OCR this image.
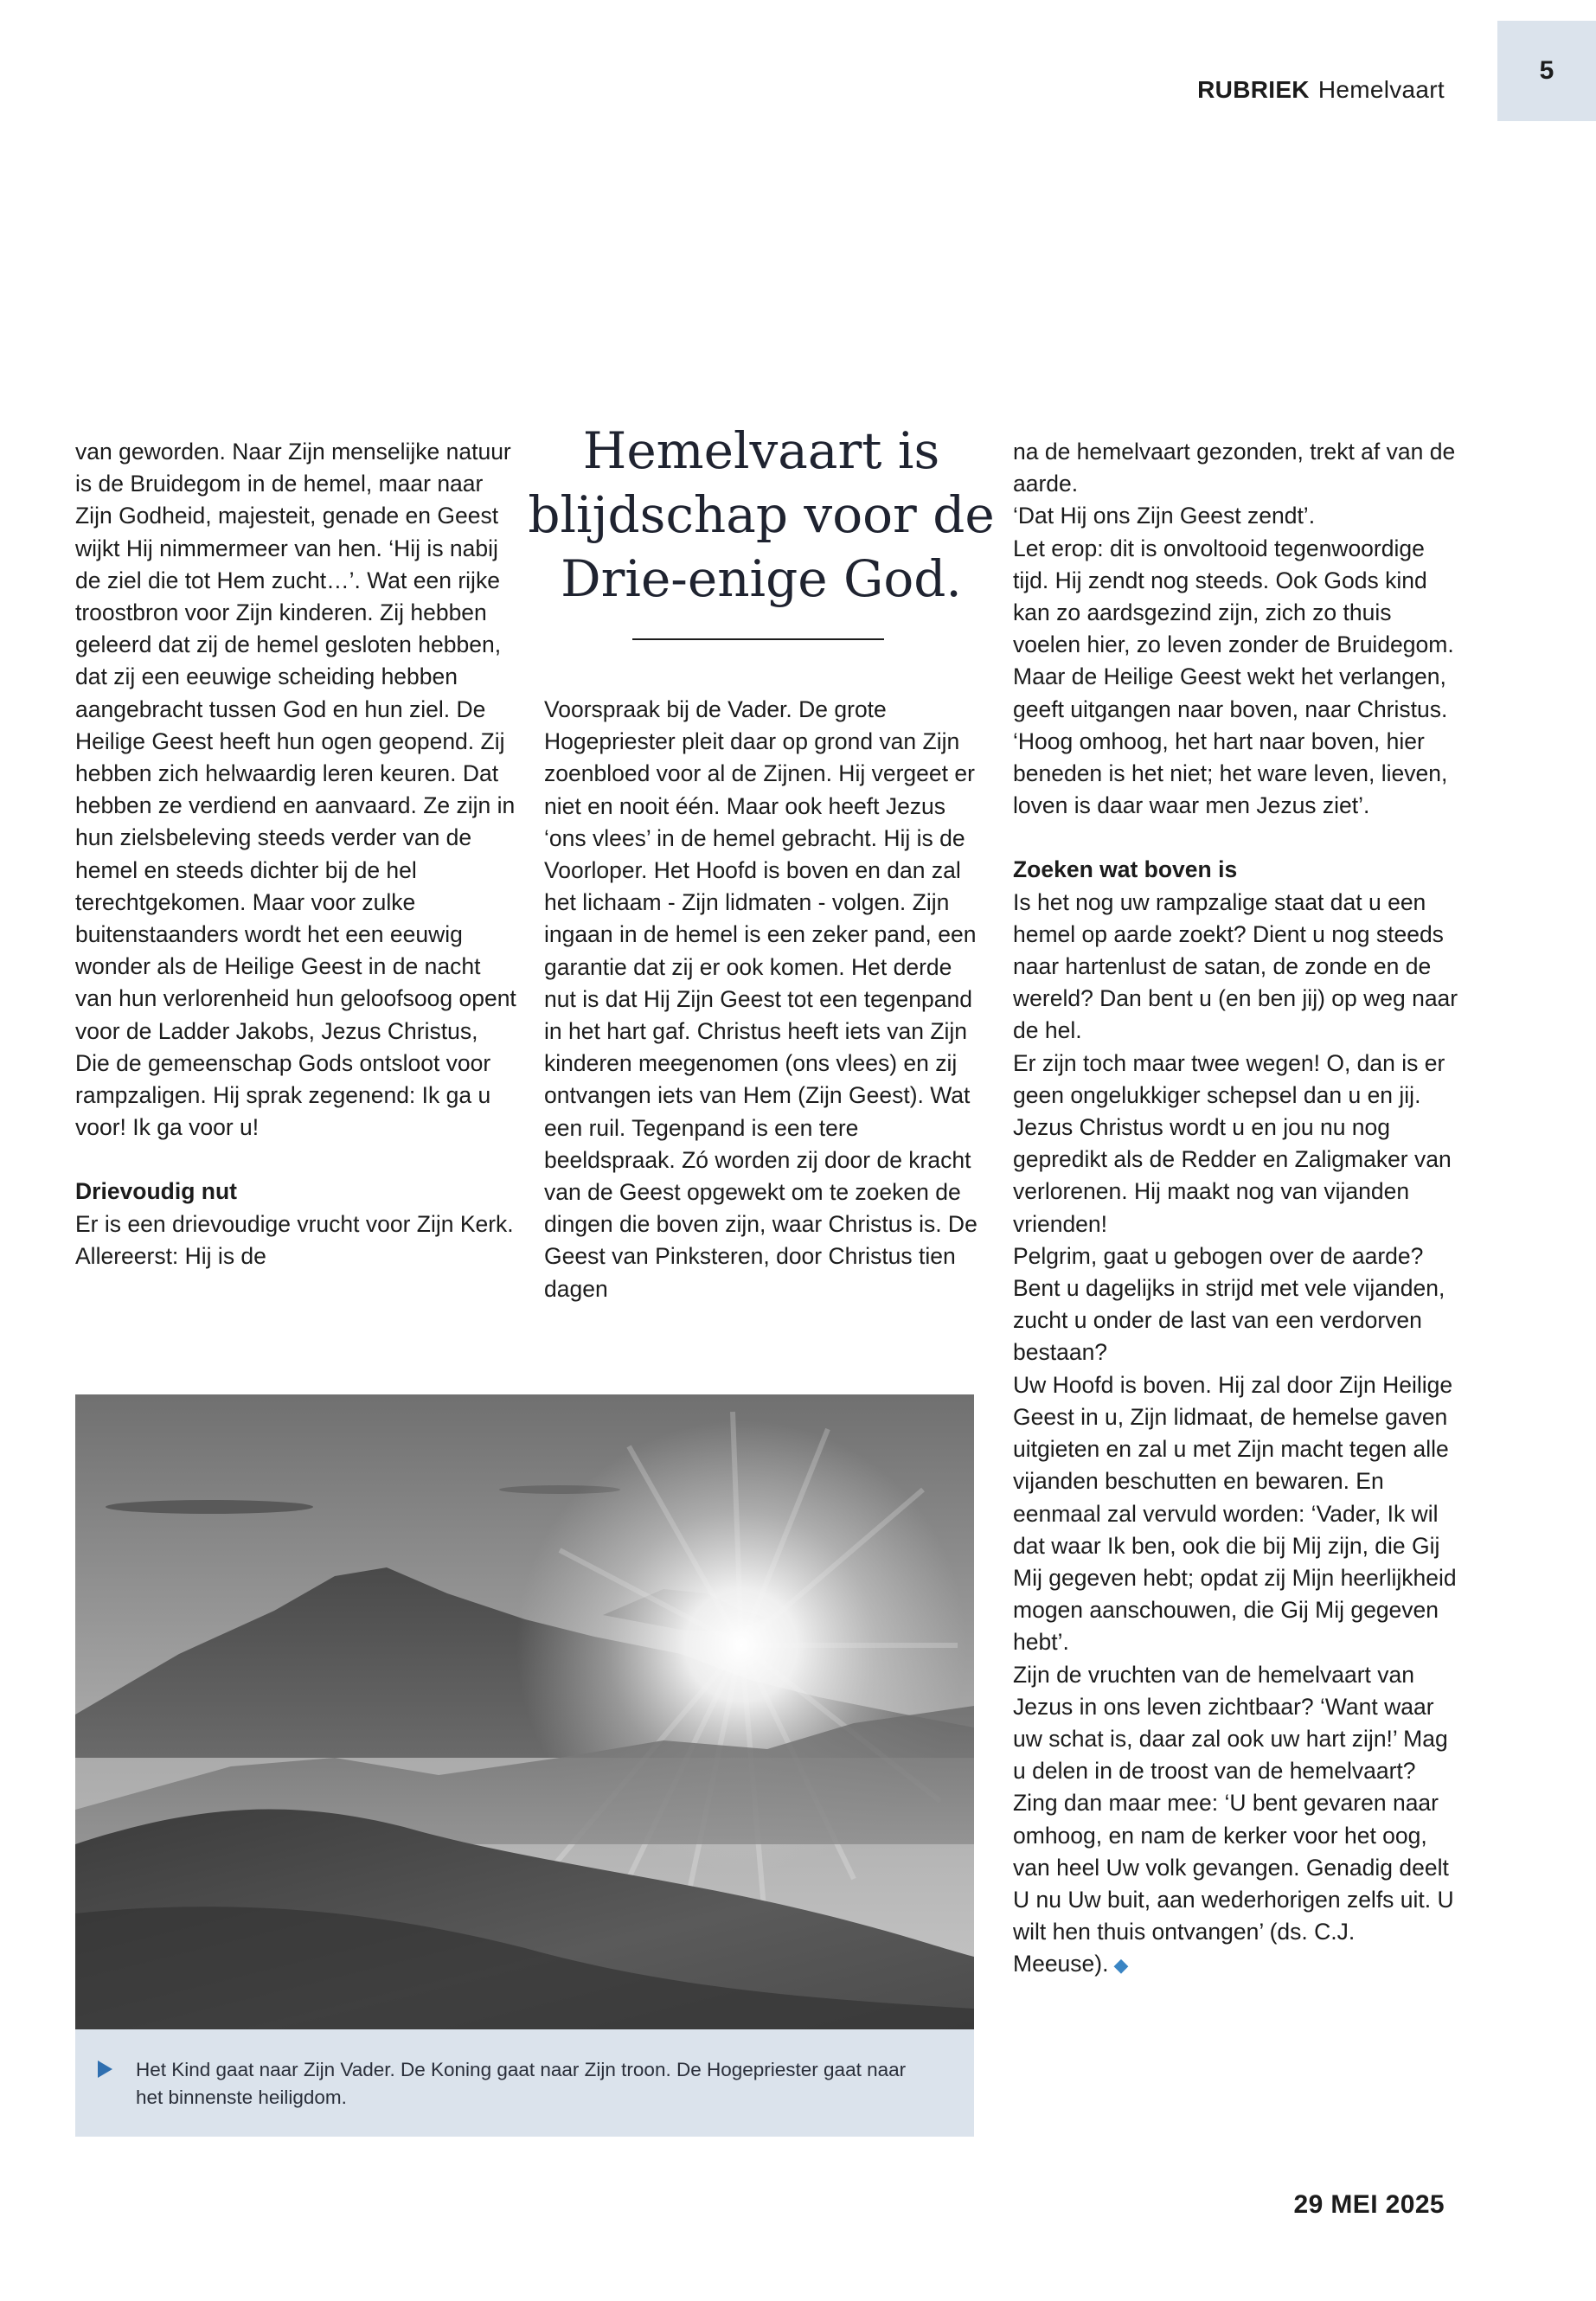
5
RUBRIEK Hemelvaart

van geworden. Naar Zijn menselijke natuur is de Bruidegom in de hemel, maar naar Zijn Godheid, majesteit, genade en Geest wijkt Hij nimmermeer van hen. ‘Hij is nabij de ziel die tot Hem zucht…’. Wat een rijke troostbron voor Zijn kinderen. Zij hebben geleerd dat zij de hemel gesloten hebben, dat zij een eeuwige scheiding hebben aangebracht tussen God en hun ziel. De Heilige Geest heeft hun ogen geopend. Zij hebben zich helwaardig leren keuren. Dat hebben ze verdiend en aanvaard. Ze zijn in hun zielsbeleving steeds verder van de hemel en steeds dichter bij de hel terechtgekomen. Maar voor zulke buitenstaanders wordt het een eeuwig wonder als de Heilige Geest in de nacht van hun verlorenheid hun geloofsoog opent voor de Ladder Jakobs, Jezus Christus, Die de gemeenschap Gods ontsloot voor rampzaligen. Hij sprak zegenend: Ik ga u voor! Ik ga voor u!

Drievoudig nut

Er is een drievoudige vrucht voor Zijn Kerk. Allereerst: Hij is de

Hemelvaart is blijdschap voor de Drie-enige God.

Voorspraak bij de Vader. De grote Hogepriester pleit daar op grond van Zijn zoenbloed voor al de Zijnen. Hij vergeet er niet en nooit één. Maar ook heeft Jezus ‘ons vlees’ in de hemel gebracht. Hij is de Voorloper. Het Hoofd is boven en dan zal het lichaam - Zijn lidmaten - volgen. Zijn ingaan in de hemel is een zeker pand, een garantie dat zij er ook komen. Het derde nut is dat Hij Zijn Geest tot een tegenpand in het hart gaf. Christus heeft iets van Zijn kinderen meegenomen (ons vlees) en zij ontvangen iets van Hem (Zijn Geest). Wat een ruil. Tegenpand is een tere beeldspraak. Zó worden zij door de kracht van de Geest opgewekt om te zoeken de dingen die boven zijn, waar Christus is. De Geest van Pinksteren, door Christus tien dagen

na de hemelvaart gezonden, trekt af van de aarde.

‘Dat Hij ons Zijn Geest zendt’.

Let erop: dit is onvoltooid tegenwoordige tijd. Hij zendt nog steeds. Ook Gods kind kan zo aardsgezind zijn, zich zo thuis voelen hier, zo leven zonder de Bruidegom. Maar de Heilige Geest wekt het verlangen, geeft uitgangen naar boven, naar Christus. ‘Hoog omhoog, het hart naar boven, hier beneden is het niet; het ware leven, lieven, loven is daar waar men Jezus ziet’.

Zoeken wat boven is

Is het nog uw rampzalige staat dat u een hemel op aarde zoekt? Dient u nog steeds naar hartenlust de satan, de zonde en de wereld? Dan bent u (en ben jij) op weg naar de hel.

Er zijn toch maar twee wegen! O, dan is er geen ongelukkiger schepsel dan u en jij.

Jezus Christus wordt u en jou nu nog gepredikt als de Redder en Zaligmaker van verlorenen. Hij maakt nog van vijanden vrienden!

Pelgrim, gaat u gebogen over de aarde? Bent u dagelijks in strijd met vele vijanden, zucht u onder de last van een verdorven bestaan?

Uw Hoofd is boven. Hij zal door Zijn Heilige Geest in u, Zijn lidmaat, de hemelse gaven uitgieten en zal u met Zijn macht tegen alle vijanden beschutten en bewaren. En eenmaal zal vervuld worden: ‘Vader, Ik wil dat waar Ik ben, ook die bij Mij zijn, die Gij Mij gegeven hebt; opdat zij Mijn heerlijkheid mogen aanschouwen, die Gij Mij gegeven hebt’.

Zijn de vruchten van de hemelvaart van Jezus in ons leven zichtbaar? ‘Want waar uw schat is, daar zal ook uw hart zijn!’ Mag u delen in de troost van de hemelvaart? Zing dan maar mee: ‘U bent gevaren naar omhoog, en nam de kerker voor het oog, van heel Uw volk gevangen. Genadig deelt U nu Uw buit, aan wederhorigen zelfs uit. U wilt hen thuis ontvangen’ (ds. C.J. Meeuse). ◆

Het Kind gaat naar Zijn Vader. De Koning gaat naar Zijn troon. De Hogepriester gaat naar het binnenste heiligdom.
29 MEI 2025
